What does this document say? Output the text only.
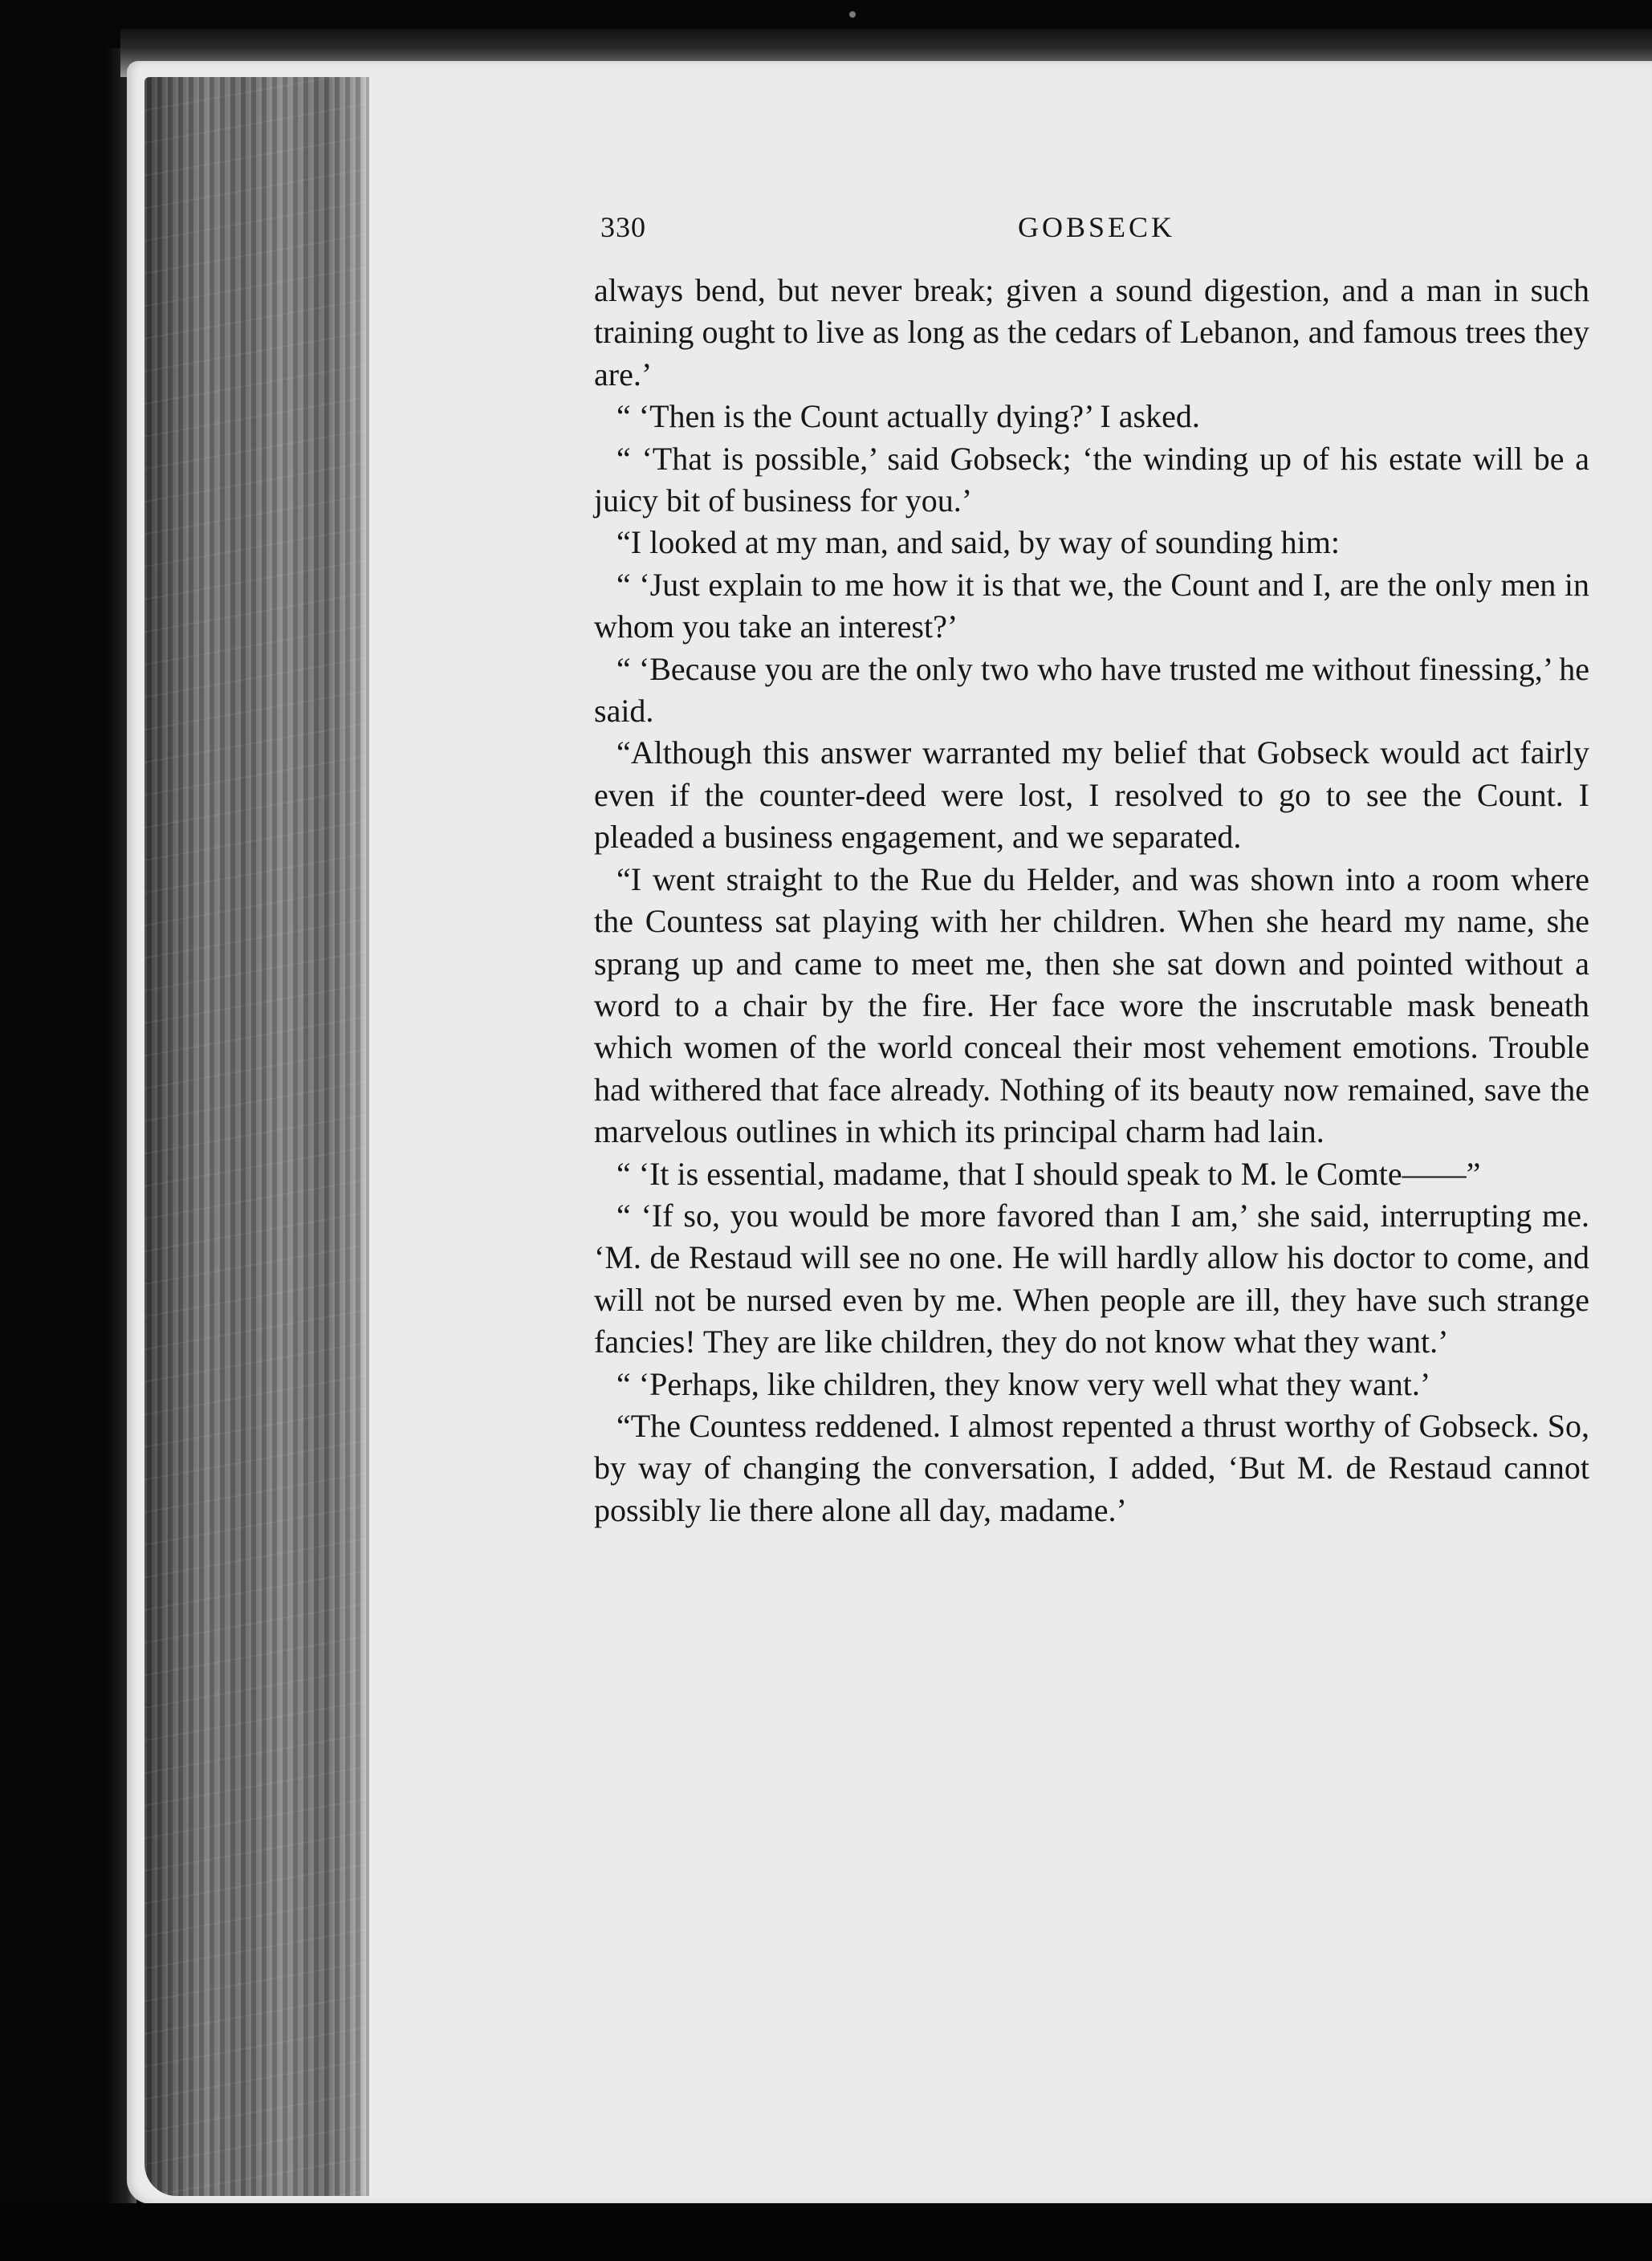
330	GOBSECK

always bend, but never break; given a sound digestion, and a man in such training ought to live as long as the cedars of Lebanon, and famous trees they are.’

“ ‘Then is the Count actually dying?’ I asked.

“ ‘That is possible,’ said Gobseck; ‘the winding up of his estate will be a juicy bit of business for you.’

“I looked at my man, and said, by way of sounding him:

“ ‘Just explain to me how it is that we, the Count and I, are the only men in whom you take an interest?’

“ ‘Because you are the only two who have trusted me without finessing,’ he said.

“Although this answer warranted my belief that Gobseck would act fairly even if the counter-deed were lost, I resolved to go to see the Count. I pleaded a business engagement, and we separated.

“I went straight to the Rue du Helder, and was shown into a room where the Countess sat playing with her children. When she heard my name, she sprang up and came to meet me, then she sat down and pointed without a word to a chair by the fire. Her face wore the inscrutable mask beneath which women of the world conceal their most vehement emotions. Trouble had withered that face already. Nothing of its beauty now remained, save the marvelous outlines in which its principal charm had lain.

“ ‘It is essential, madame, that I should speak to M. le Comte——”

“ ‘If so, you would be more favored than I am,’ she said, interrupting me. ‘M. de Restaud will see no one. He will hardly allow his doctor to come, and will not be nursed even by me. When people are ill, they have such strange fancies! They are like children, they do not know what they want.’

“ ‘Perhaps, like children, they know very well what they want.’

“The Countess reddened. I almost repented a thrust worthy of Gobseck. So, by way of changing the conversation, I added, ‘But M. de Restaud cannot possibly lie there alone all day, madame.’
